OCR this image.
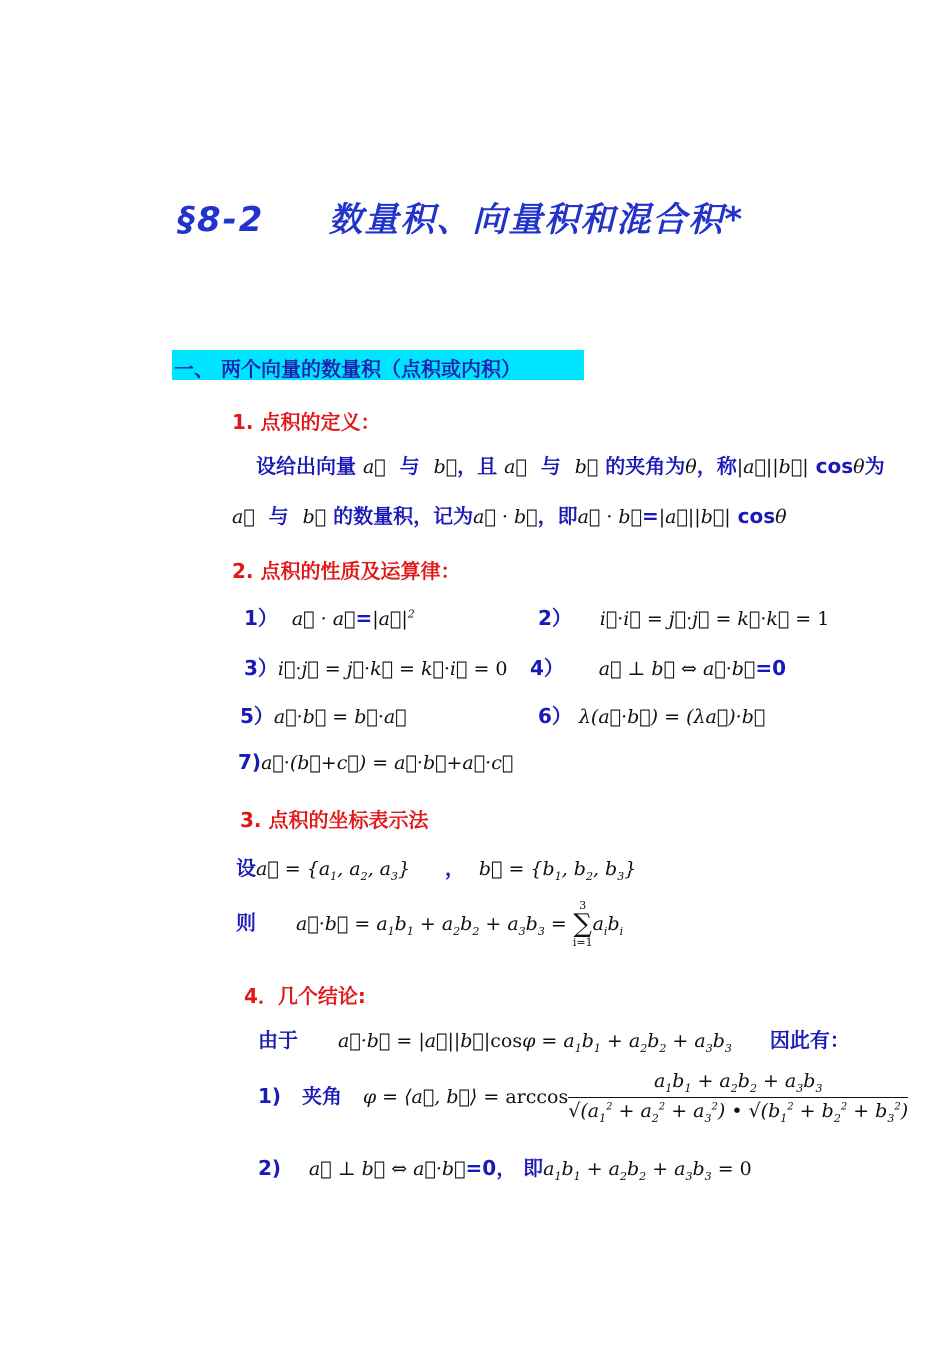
§8-2 数量积、向量积和混合积*
一、 两个向量的数量积（点积或内积）
1. 点积的定义：
设给出向量 a⃗ 与 b⃗，且 a⃗ 与 b⃗ 的夹角为θ，称|a⃗||b⃗| cosθ为
a⃗ 与 b⃗ 的数量积，记为a⃗ · b⃗，即a⃗ · b⃗=|a⃗||b⃗| cosθ
2. 点积的性质及运算律：
1） a⃗ · $a⃗=|a⃗|^2$	2） i⃗·i⃗ = j⃗·j⃗ = k⃗·k⃗ = 1
3）i⃗·j⃗ = j⃗·k⃗ = k⃗·i⃗ = 0 4） a⃗ ⊥ b⃗ ⇔ a⃗·b⃗=0
5）a⃗·b⃗ = b⃗·a⃗	6） λ(a⃗·b⃗) = (λa⃗)·b⃗
7)a⃗·(b⃗+c⃗) = a⃗·b⃗+a⃗·c⃗
3. 点积的坐标表示法
设a⃗ = {$a_1$, $a_2$, $a_3$} ， b⃗ = {$b_1$, $b_2$, $b_3$}
则 a⃗·b⃗ = $a_1b_1 + a_2b_2 + a_3b_3$ =
3
∑
i=1
$a_ib_i$
4．几个结论:
由于 a⃗·b⃗ = |a⃗||b⃗|cosφ = $a_1b_1 + a_2b_2 + a_3b_3$ 因此有：
1) 夹角 φ = ⟨a⃗, b⃗⟩ = $\arccos \frac{a_1b_1 + a_2b_2 + a_3b_3}{√(a_1^2 + a_2^2 + a_3^2) • √(b_1^2 + b_2^2 + b_3^2)}$
2) a⃗ ⊥ b⃗ ⇔ a⃗·b⃗=0， 即$a_1b_1 + a_2b_2 + a_3b_3 = 0$
